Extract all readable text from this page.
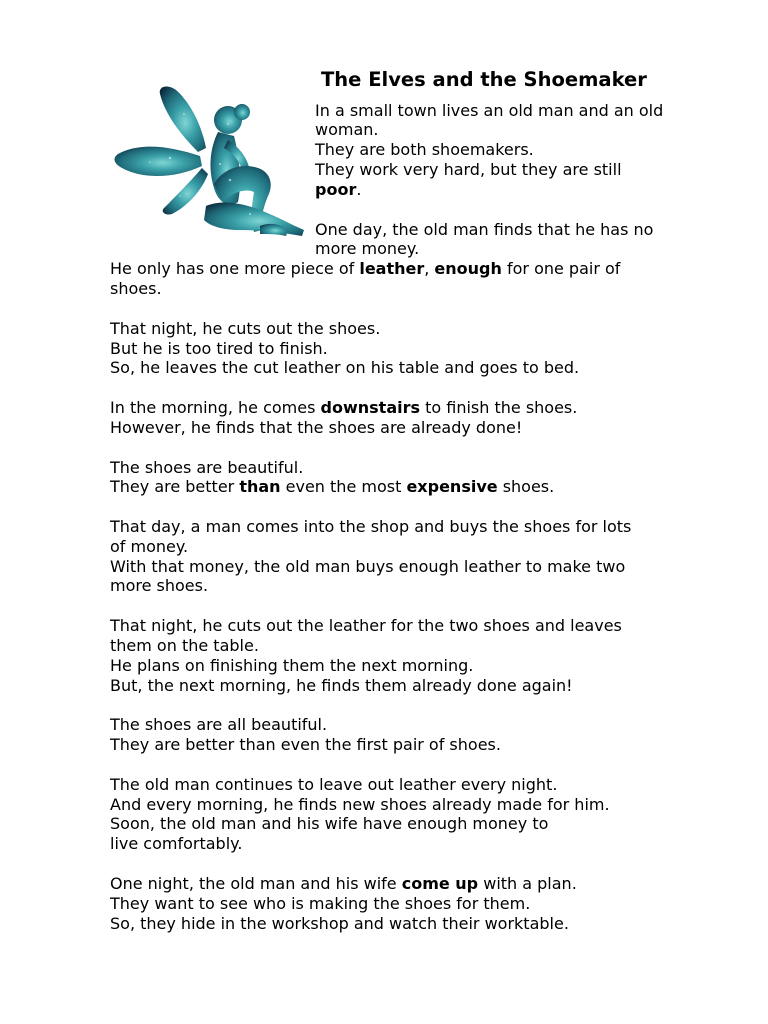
The Elves and the Shoemaker

In a small town lives an old man and an old

woman.

They are both shoemakers.

They work very hard, but they are still

poor.

One day, the old man finds that he has no

more money.

He only has one more piece of leather, enough for one pair of

shoes.

That night, he cuts out the shoes.

But he is too tired to finish.

So, he leaves the cut leather on his table and goes to bed.

In the morning, he comes downstairs to finish the shoes.

However, he finds that the shoes are already done!

The shoes are beautiful.

They are better than even the most expensive shoes.

That day, a man comes into the shop and buys the shoes for lots

of money.

With that money, the old man buys enough leather to make two

more shoes.

That night, he cuts out the leather for the two shoes and leaves

them on the table.

He plans on finishing them the next morning.

But, the next morning, he finds them already done again!

The shoes are all beautiful.

They are better than even the first pair of shoes.

The old man continues to leave out leather every night.

And every morning, he finds new shoes already made for him.

Soon, the old man and his wife have enough money to

live comfortably.

One night, the old man and his wife come up with a plan.

They want to see who is making the shoes for them.

So, they hide in the workshop and watch their worktable.
